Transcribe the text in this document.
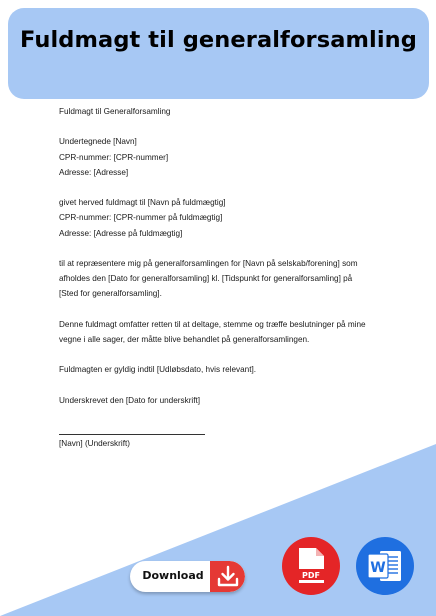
Fuldmagt til generalforsamling
Fuldmagt til Generalforsamling
Undertegnede [Navn]
CPR-nummer: [CPR-nummer]
Adresse: [Adresse]
givet herved fuldmagt til [Navn på fuldmægtig]
CPR-nummer: [CPR-nummer på fuldmægtig]
Adresse: [Adresse på fuldmægtig]
til at repræsentere mig på generalforsamlingen for [Navn på selskab/forening] som
afholdes den [Dato for generalforsamling] kl. [Tidspunkt for generalforsamling] på
[Sted for generalforsamling].
Denne fuldmagt omfatter retten til at deltage, stemme og træffe beslutninger på mine
vegne i alle sager, der måtte blive behandlet på generalforsamlingen.
Fuldmagten er gyldig indtil [Udløbsdato, hvis relevant].
Underskrevet den [Dato for underskrift]
[Navn] (Underskrift)
Download	PDF	W
